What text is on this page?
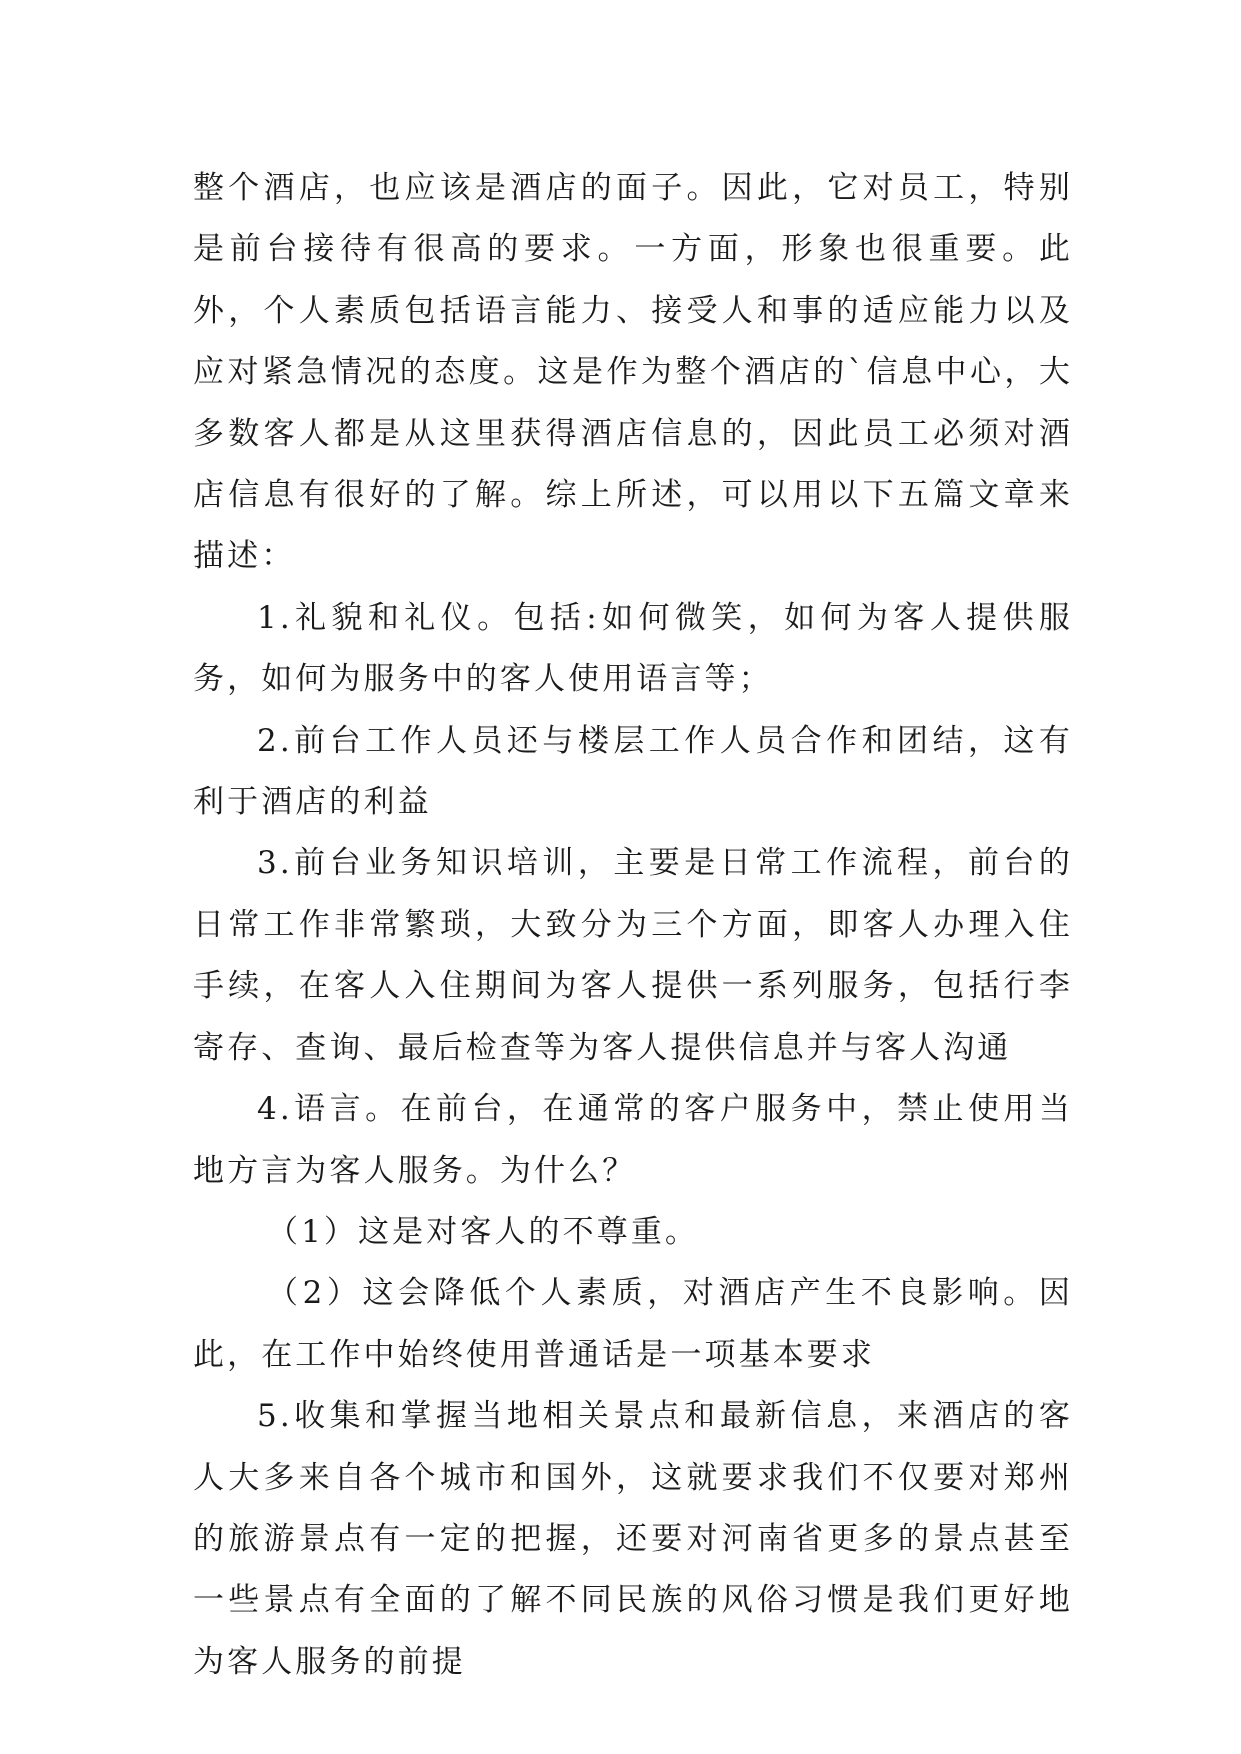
整个酒店，也应该是酒店的面子。因此，它对员工，特别是前台接待有很高的要求。一方面，形象也很重要。此外，个人素质包括语言能力、接受人和事的适应能力以及应对紧急情况的态度。这是作为整个酒店的`信息中心，大多数客人都是从这里获得酒店信息的，因此员工必须对酒店信息有很好的了解。综上所述，可以用以下五篇文章来描述：

1.礼貌和礼仪。包括:如何微笑，如何为客人提供服务，如何为服务中的客人使用语言等；

2.前台工作人员还与楼层工作人员合作和团结，这有利于酒店的利益

3.前台业务知识培训，主要是日常工作流程，前台的日常工作非常繁琐，大致分为三个方面，即客人办理入住手续，在客人入住期间为客人提供一系列服务，包括行李寄存、查询、最后检查等为客人提供信息并与客人沟通

4.语言。在前台，在通常的客户服务中，禁止使用当地方言为客人服务。为什么？

（1）这是对客人的不尊重。

（2）这会降低个人素质，对酒店产生不良影响。因此，在工作中始终使用普通话是一项基本要求

5.收集和掌握当地相关景点和最新信息，来酒店的客人大多来自各个城市和国外，这就要求我们不仅要对郑州的旅游景点有一定的把握，还要对河南省更多的景点甚至一些景点有全面的了解不同民族的风俗习惯是我们更好地为客人服务的前提
